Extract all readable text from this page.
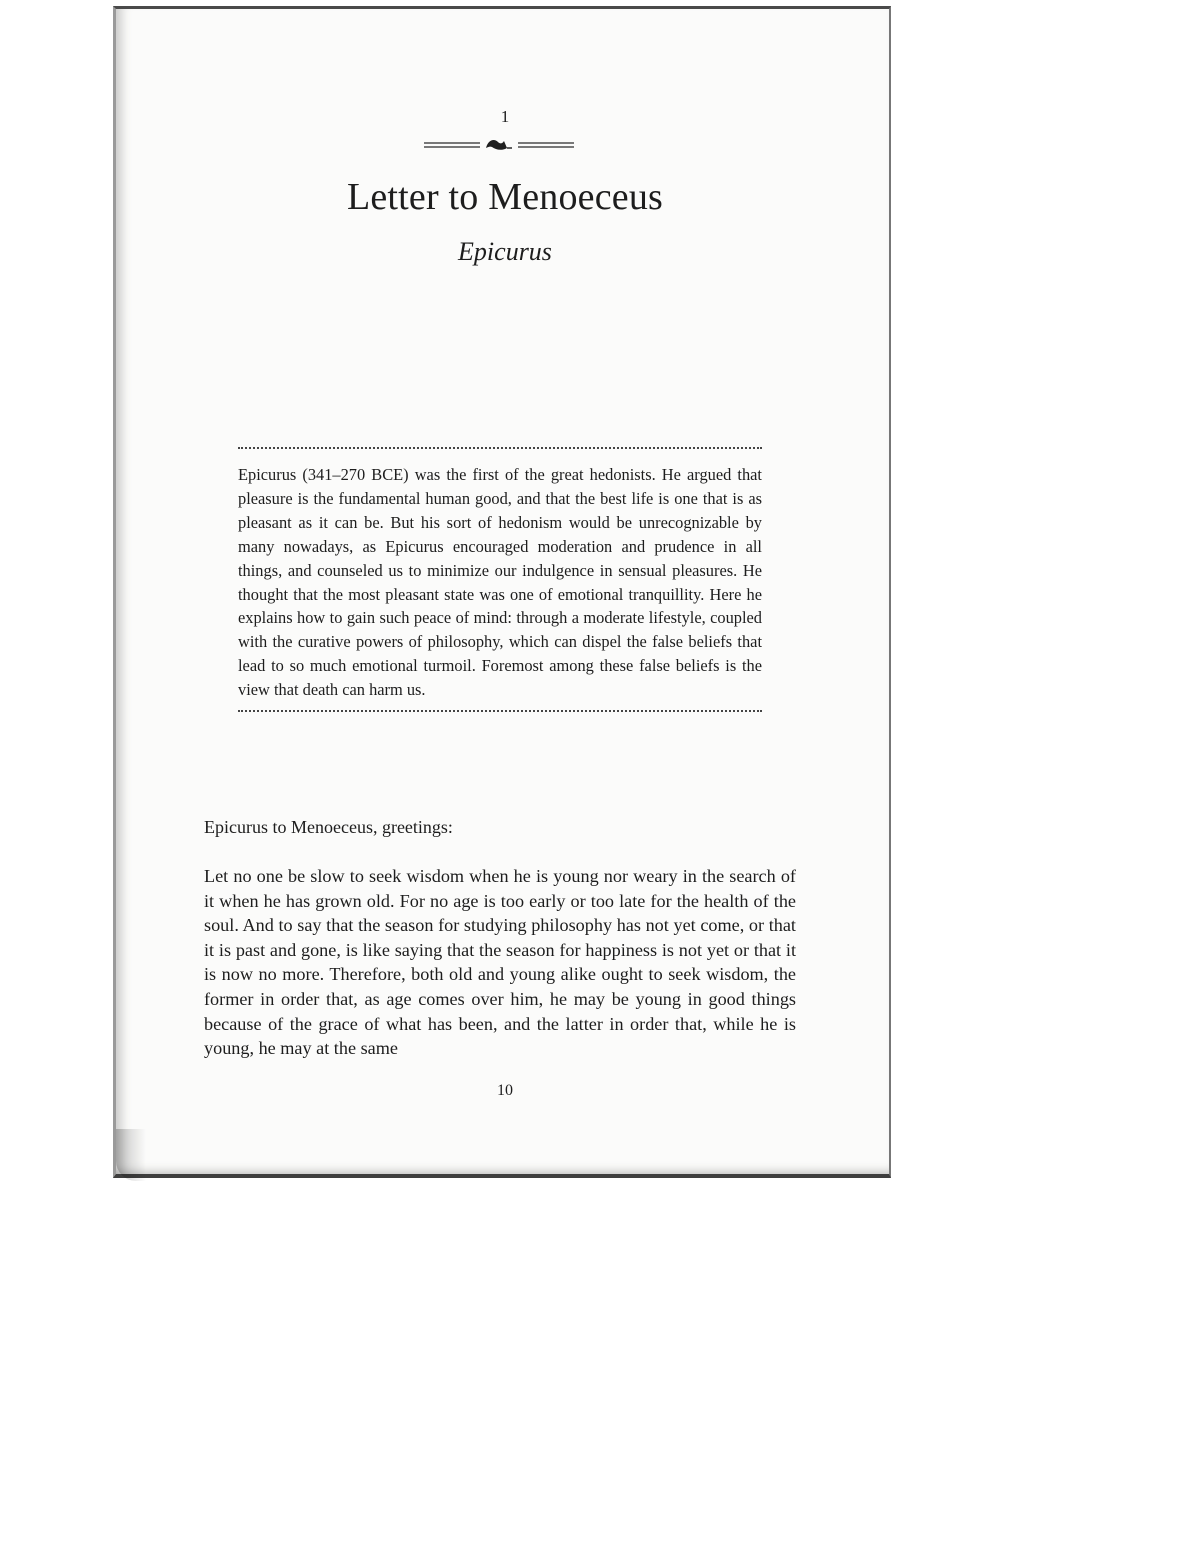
1
Letter to Menoeceus
Epicurus

Epicurus (341–270 BCE) was the first of the great hedonists. He argued that pleasure is the fundamental human good, and that the best life is one that is as pleasant as it can be. But his sort of hedonism would be unrecognizable by many nowadays, as Epicurus encouraged moderation and prudence in all things, and counseled us to minimize our indulgence in sensual pleasures. He thought that the most pleasant state was one of emotional tranquillity. Here he explains how to gain such peace of mind: through a moderate lifestyle, coupled with the curative powers of philosophy, which can dispel the false beliefs that lead to so much emotional turmoil. Foremost among these false beliefs is the view that death can harm us.

Epicurus to Menoeceus, greetings:

Let no one be slow to seek wisdom when he is young nor weary in the search of it when he has grown old. For no age is too early or too late for the health of the soul. And to say that the season for studying philosophy has not yet come, or that it is past and gone, is like saying that the season for happiness is not yet or that it is now no more. Therefore, both old and young alike ought to seek wisdom, the former in order that, as age comes over him, he may be young in good things because of the grace of what has been, and the latter in order that, while he is young, he may at the same

10
